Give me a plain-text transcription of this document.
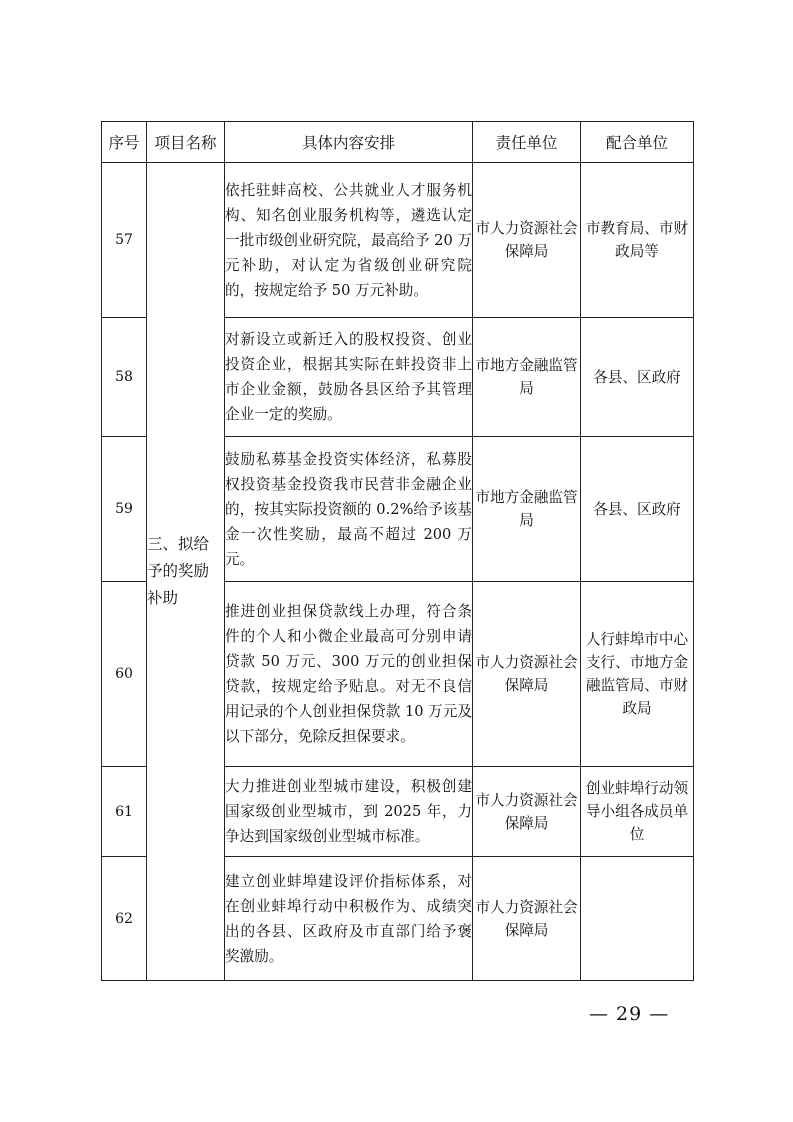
序号	项目名称	具体内容安排	责任单位	配合单位
57	三、拟给予的奖励补助	依托驻蚌高校、公共就业人才服务机构、知名创业服务机构等，遴选认定一批市级创业研究院，最高给予 20 万元补助，对认定为省级创业研究院的，按规定给予 50 万元补助。	市人力资源社会保障局	市教育局、市财政局等
58		对新设立或新迁入的股权投资、创业投资企业，根据其实际在蚌投资非上市企业金额，鼓励各县区给予其管理企业一定的奖励。	市地方金融监管局	各县、区政府
59		鼓励私募基金投资实体经济，私募股权投资基金投资我市民营非金融企业的，按其实际投资额的 0.2%给予该基金一次性奖励，最高不超过 200 万元。	市地方金融监管局	各县、区政府
60		推进创业担保贷款线上办理，符合条件的个人和小微企业最高可分别申请贷款 50 万元、300 万元的创业担保贷款，按规定给予贴息。对无不良信用记录的个人创业担保贷款 10 万元及以下部分，免除反担保要求。	市人力资源社会保障局	人行蚌埠市中心支行、市地方金融监管局、市财政局
61		大力推进创业型城市建设，积极创建国家级创业型城市，到 2025 年，力争达到国家级创业型城市标准。	市人力资源社会保障局	创业蚌埠行动领导小组各成员单位
62		建立创业蚌埠建设评价指标体系，对在创业蚌埠行动中积极作为、成绩突出的各县、区政府及市直部门给予褒奖激励。	市人力资源社会保障局	
— 29 —
